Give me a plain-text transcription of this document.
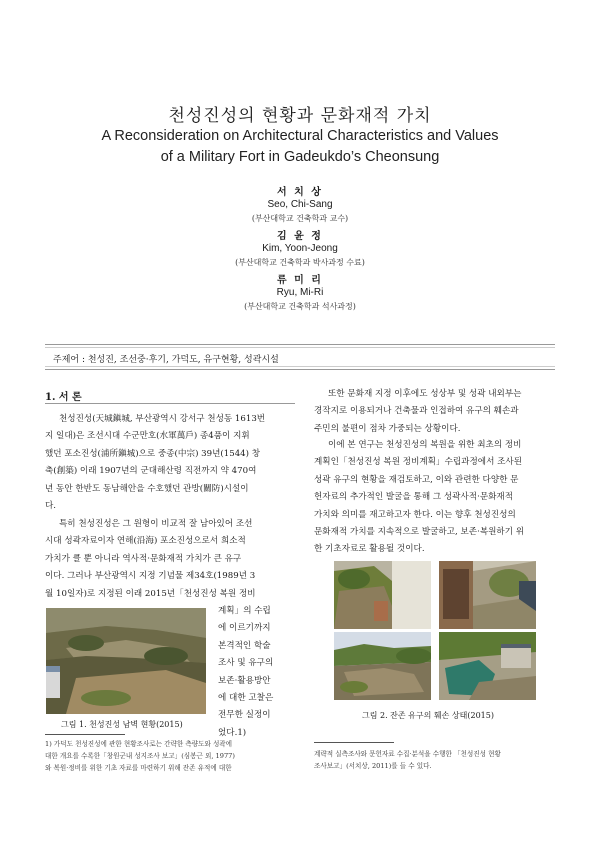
천성진성의 현황과 문화재적 가치
A Reconsideration on Architectural Characteristics and Values
of a Military Fort in Gadeukdo’s Cheonsung
서 치 상
Seo, Chi-Sang
(부산대학교 건축학과 교수)
김 윤 정
Kim, Yoon-Jeong
(부산대학교 건축학과 박사과정 수료)
류 미 리
Ryu, Mi-Ri
(부산대학교 건축학과 석사과정)
주제어 : 천성진, 조선중·후기, 가덕도, 유구현황, 성곽시설
1. 서 론
천성진성(天城鎭城, 부산광역시 강서구 천성동 1613번
지 일대)은 조선시대 수군만호(水軍萬戶) 종4품이 지휘
했던 포소진성(浦所鎭城)으로 중종(中宗) 39년(1544) 창
축(創築) 이래 1907년의 군대해산령 직전까지 약 470여
년 동안 한반도 동남해안을 수호했던 관방(關防)시설이
다.
특히 천성진성은 그 원형이 비교적 잘 남아있어 조선
시대 성곽자료이자 연해(沿海) 포소진성으로서 희소적
가치가 클 뿐 아니라 역사적·문화재적 가치가 큰 유구
이다. 그러나 부산광역시 지정 기념물 제34호(1989년 3
월 10일자)로 지정된 이래 2015년「천성진성 복원 정비
계획」의 수립
에 이르기까지
본격적인 학술
조사 및 유구의
보존·활용방안
에 대한 고찰은
전무한 실정이
었다.1)
그림 1. 천성진성 남벽 현황(2015)
1) 가덕도 천성진성에 관한 현황조사로는 간략한 측량도와 성곽에
대한 개요를 수록한「창원군내 성지조사 보고」(심봉근 외, 1977)
와 복원·정비를 위한 기초 자료를 마련하기 위해 잔존 유적에 대한
또한 문화재 지정 이후에도 성상부 및 성곽 내외부는
경작지로 이용되거나 건축물과 인접하여 유구의 훼손과
주민의 불편이 점차 가중되는 상황이다.
이에 본 연구는 천성진성의 복원을 위한 최초의 정비
계획인「천성진성 복원 정비계획」수립과정에서 조사된
성곽 유구의 현황을 재검토하고, 이와 관련한 다양한 문
헌자료의 추가적인 발굴을 통해 그 성곽사적·문화재적
가치와 의미를 재고하고자 한다. 이는 향후 천성진성의
문화재적 가치를 지속적으로 발굴하고, 보존·복원하기 위
한 기초자료로 활용될 것이다.
그림 2. 잔존 유구의 훼손 상태(2015)
계략적 실측조사와 문헌자료 수집·분석을 수행한 「천성진성 현황
조사보고」(서치상, 2011)를 들 수 있다.
